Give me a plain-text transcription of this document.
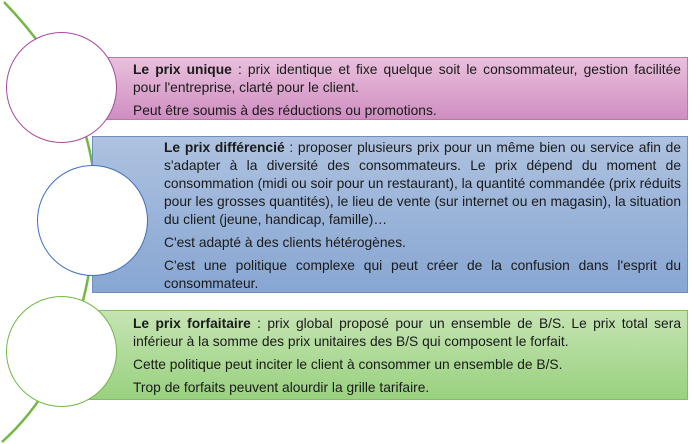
Le prix unique : prix identique et fixe quelque soit le consommateur, gestion facilitée pour l'entreprise, clarté pour le client.

Peut être soumis à des réductions ou promotions.

Le prix différencié : proposer plusieurs prix pour un même bien ou service afin de s'adapter à la diversité des consommateurs. Le prix dépend du moment de consommation (midi ou soir pour un restaurant), la quantité commandée (prix réduits pour les grosses quantités), le lieu de vente (sur internet ou en magasin), la situation du client (jeune, handicap, famille)…

C'est adapté à des clients hétérogènes.

C'est une politique complexe qui peut créer de la confusion dans l'esprit du consommateur.

Le prix forfaitaire : prix global proposé pour un ensemble de B/S. Le prix total sera inférieur à la somme des prix unitaires des B/S qui composent le forfait.

Cette politique peut inciter le client à consommer un ensemble de B/S.

Trop de forfaits peuvent alourdir la grille tarifaire.
